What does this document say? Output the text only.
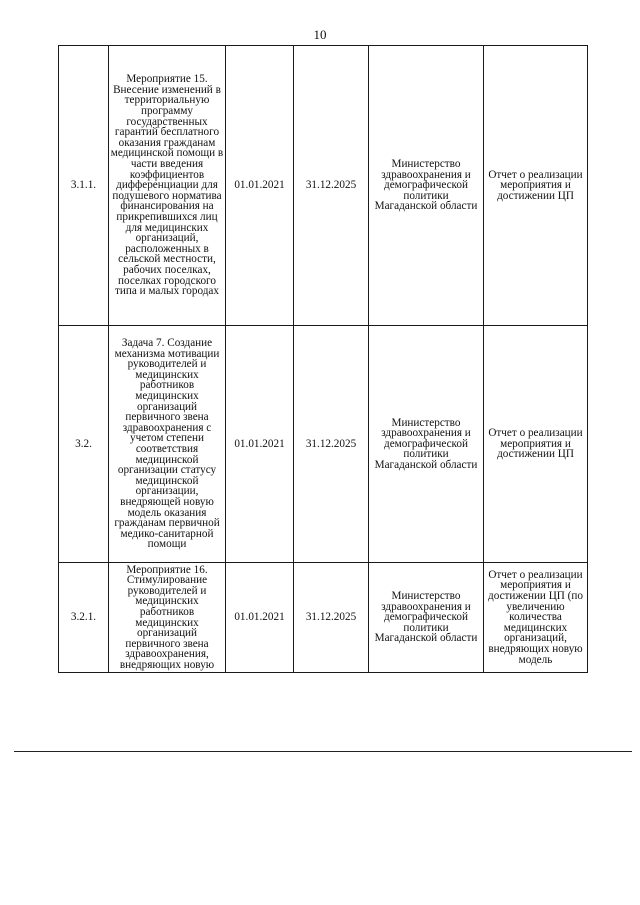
10
3.1.1.	Мероприятие 15. Внесение изменений в территориальную программу государственных гарантий бесплатного оказания гражданам медицинской помощи в части введения коэффициентов дифференциации для подушевого норматива финансирования на прикрепившихся лиц для медицинских организаций, расположенных в сельской местности, рабочих поселках, поселках городского типа и малых городах	01.01.2021	31.12.2025	Министерство здравоохранения и демографической политики Магаданской области	Отчет о реализации мероприятия и достижении ЦП
3.2.	Задача 7. Создание механизма мотивации руководителей и медицинских работников медицинских организаций первичного звена здравоохранения с учетом степени соответствия медицинской организации статусу медицинской организации, внедряющей новую модель оказания гражданам первичной медико-санитарной помощи	01.01.2021	31.12.2025	Министерство здравоохранения и демографической политики Магаданской области	Отчет о реализации мероприятия и достижении ЦП
3.2.1.	Мероприятие 16. Стимулирование руководителей и медицинских работников медицинских организаций первичного звена здравоохранения, внедряющих новую	01.01.2021	31.12.2025	Министерство здравоохранения и демографической политики Магаданской области	Отчет о реализации мероприятия и достижении ЦП (по увеличению количества медицинских организаций, внедряющих новую модель
